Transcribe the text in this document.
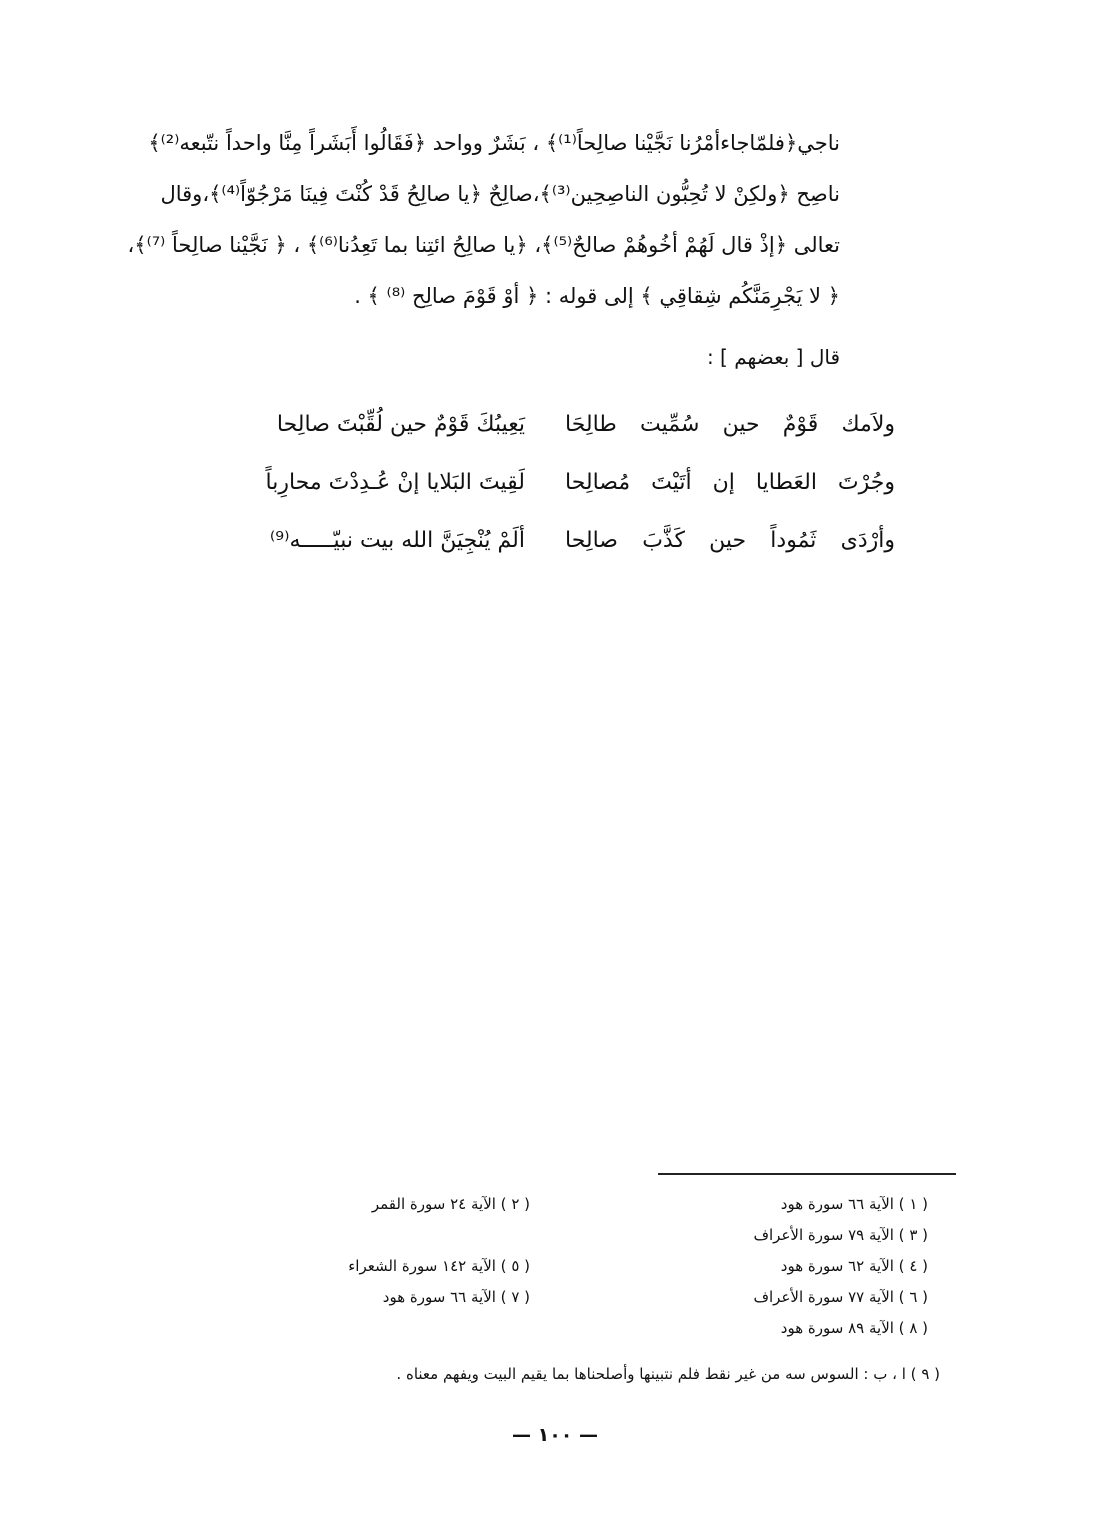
ناجي﴿فلمّاجاءأمْرُنا نَجَّيْنا صالِحاً⁽¹⁾﴾ ، بَشَرٌ وواحد ﴿فَقَالُوا أَبَشَراً مِنَّا واحداً نتّبعه⁽²⁾﴾
ناصِح ﴿ولكِنْ لا تُحِبُّون الناصِحِين⁽³⁾﴾،صالِحٌ ﴿يا صالِحُ قَدْ كُنْتَ فِينَا مَرْجُوّاً⁽⁴⁾﴾،وقال
تعالى ﴿إذْ قال لَهُمْ أخُوهُمْ صالحٌ⁽⁵⁾﴾، ﴿يا صالِحُ ائتِنا بما تَعِدُنا⁽⁶⁾﴾ ، ﴿ نَجَّيْنا صالِحاً ⁽⁷⁾﴾،
﴿ لا يَجْرِمَنَّكُم شِقاقِي ﴾ إلى قوله : ﴿ أوْ قَوْمَ صالِح ⁽⁸⁾ ﴾ .
قال [ بعضهم ] :
يَعِيبُكَ قَوْمٌ حين لُقِّبْتَ صالِحا ولاَمك قَوْمٌ حين سُمِّيت طالِحَا
لَقِيتَ البَلايا إنْ عُـدِدْتَ محارِباً وجُرْتَ العَطايا إن أتَيْتَ مُصالِحا
ألَمْ يُنْجِيَنَّ الله بيت نبيّـــــه⁽⁹⁾ وأرْدَى ثَمُوداً حين كَذَّبَ صالِحا
( ١ ) الآية ٦٦ سورة هود
( ٢ ) الآية ٢٤ سورة القمر
( ٣ ) الآية ٧٩ سورة الأعراف
( ٤ ) الآية ٦٢ سورة هود
( ٥ ) الآية ١٤٢ سورة الشعراء
( ٦ ) الآية ٧٧ سورة الأعراف
( ٧ ) الآية ٦٦ سورة هود
( ٨ ) الآية ٨٩ سورة هود
( ٩ ) ا ، ب : السوس سه من غير نقط فلم نتبينها وأصلحناها بما يقيم البيت ويفهم معناه .
— ١٠٠ —
